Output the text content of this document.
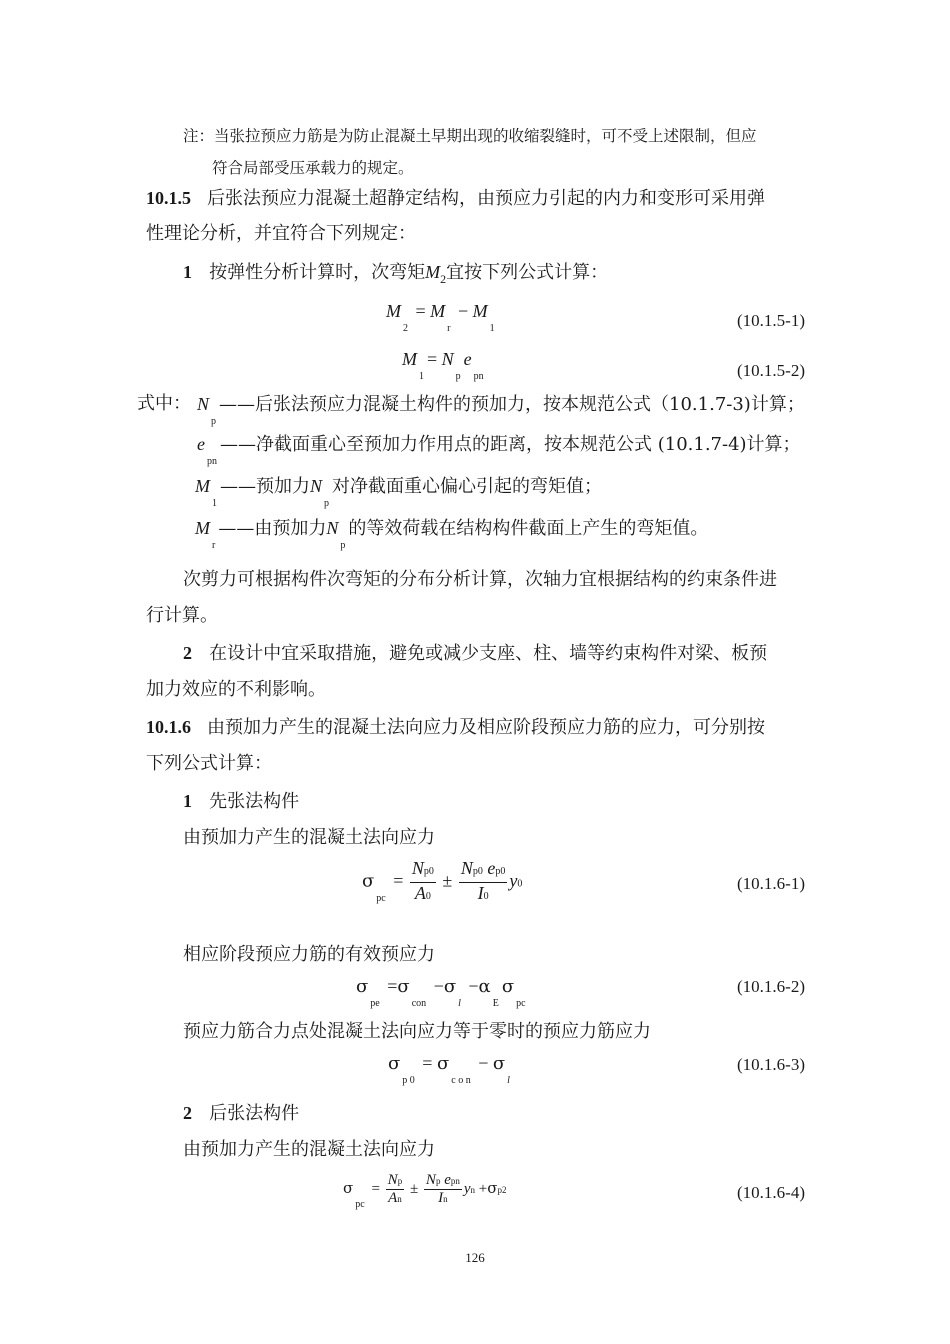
注：当张拉预应力筋是为防止混凝土早期出现的收缩裂缝时，可不受上述限制，但应
符合局部受压承载力的规定。
10.1.5 后张法预应力混凝土超静定结构，由预应力引起的内力和变形可采用弹
性理论分析，并宜符合下列规定：
1 按弹性分析计算时，次弯矩$M_2$宜按下列公式计算：
$M_2 = M_r - M_1$	(10.1.5-1)
$M_1= N_pe_{pn}$	(10.1.5-2)
式中： $N_p——$后张法预应力混凝土构件的预加力，按本规范公式（10.1.7-3)计算；
$e_{pn}——$净截面重心至预加力作用点的距离，按本规范公式 (10.1.7-4)计算；
$M_1——$预加力$N_p$对净截面重心偏心引起的弯矩值；
$M_r——$由预加力$N_p$的等效荷载在结构构件截面上产生的弯矩值。
次剪力可根据构件次弯矩的分布分析计算，次轴力宜根据结构的约束条件进
行计算。
2 在设计中宜采取措施，避免或减少支座、柱、墙等约束构件对梁、板预
加力效应的不利影响。
10.1.6 由预加力产生的混凝土法向应力及相应阶段预应力筋的应力，可分别按
下列公式计算：
1 先张法构件
由预加力产生的混凝土法向应力
$\sigma_{pc} = \frac{Np0}{A0} \pm \frac{Np0 ep0}{I0} y0$	(10.1.6-1)
相应阶段预应力筋的有效预应力
$\sigma_{pe} =\sigma_{con} -\sigma_l -\alpha_E\sigma_{pc}$
(10.1.6-2)
预应力筋合力点处混凝土法向应力等于零时的预应力筋应力
$\sigma_{p 0} = \sigma_{c o n} - \sigma_l$
(10.1.6-3)
2 后张法构件
由预加力产生的混凝土法向应力
$\sigma_{pc} = \frac{Np}{An} \pm \frac{\text{Np epn}}{In}$ yn +σp2	(10.1.6-4)
126
